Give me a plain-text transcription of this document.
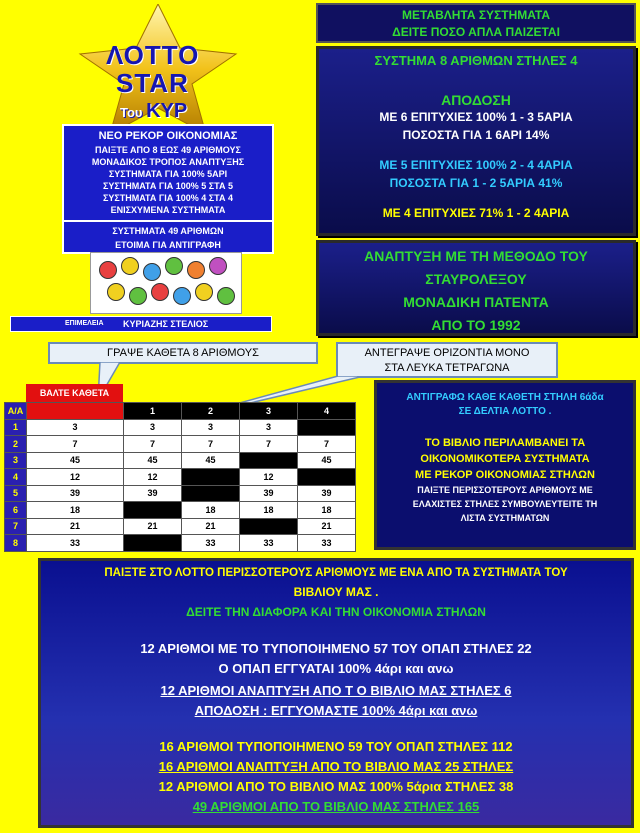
ΜΕΤΑΒΛΗΤΑ ΣΥΣΤΗΜΑΤΑ
ΔΕΙΤΕ ΠΟΣΟ ΑΠΛΑ ΠΑΙΖΕΤΑΙ
ΛΟΤΤΟ
STAR
Του ΚΥΡ
ΝΕΟ ΡΕΚΟΡ ΟΙΚΟΝΟΜΙΑΣ
ΠΑΙΞΤΕ ΑΠΟ 8 ΕΩΣ 49 ΑΡΙΘΜΟΥΣ
ΜΟΝΑΔΙΚΟΣ ΤΡΟΠΟΣ ΑΝΑΠΤΥΞΗΣ
ΣΥΣΤΗΜΑΤΑ ΓΙΑ 100% 5ΑΡΙ
ΣΥΣΤΗΜΑΤΑ ΓΙΑ 100% 5 ΣΤΑ 5
ΣΥΣΤΗΜΑΤΑ ΓΙΑ 100% 4 ΣΤΑ 4
ΕΝΙΣΧΥΜΕΝΑ ΣΥΣΤΗΜΑΤΑ
ΣΥΣΤΗΜΑΤΑ 49 ΑΡΙΘΜΩΝ
ΕΤΟΙΜΑ ΓΙΑ ΑΝΤΙΓΡΑΦΗ
ΕΠΙΜΕΛΕΙΑ ΚΥΡΙΑΖΗΣ ΣΤΕΛΙΟΣ
ΣΥΣΤΗΜΑ 8 ΑΡΙΘΜΩΝ ΣΤΗΛΕΣ 4
ΑΠΟΔΟΣΗ
ΜΕ 6 ΕΠΙΤΥΧΙΕΣ 100% 1 - 3 5ΑΡΙΑ
ΠΟΣΟΣΤΑ ΓΙΑ 1 6ΑΡΙ 14%
ΜΕ 5 ΕΠΙΤΥΧΙΕΣ 100% 2 - 4 4ΑΡΙΑ
ΠΟΣΟΣΤΑ ΓΙΑ 1 - 2 5ΑΡΙΑ 41%
ΜΕ 4 ΕΠΙΤΥΧΙΕΣ 71% 1 - 2 4ΑΡΙΑ
ΑΝΑΠΤΥΞΗ ΜΕ ΤΗ ΜΕΘΟΔΟ ΤΟΥ
ΣΤΑΥΡΟΛΕΞΟΥ
ΜΟΝΑΔΙΚΗ ΠΑΤΕΝΤΑ
ΑΠΟ ΤΟ 1992
ΓΡΑΨΕ ΚΑΘΕΤΑ 8 ΑΡΙΘΜΟΥΣ	ΑΝΤΕΓΡΑΨΕ ΟΡΙΖΟΝΤΙΑ ΜΟΝΟ
ΣΤΑ ΛΕΥΚΑ ΤΕΤΡΑΓΩΝΑ
ΒΑΛΤΕ ΚΑΘΕΤΑ
Α/Α		1	2	3	4
1	3	3	3	3	
2	7	7	7	7	7
3	45	45	45		45
4	12	12		12	
5	39	39		39	39
6	18		18	18	18
7	21	21	21		21
8	33		33	33	33
ΑΝΤΙΓΡΑΦΩ ΚΑΘΕ ΚΑΘΕΤΗ ΣΤΗΛΗ 6άδα
ΣΕ ΔΕΛΤΙΑ ΛΟΤΤΟ .
ΤΟ ΒΙΒΛΙΟ ΠΕΡΙΛΑΜΒΑΝΕΙ ΤΑ
ΟΙΚΟΝΟΜΙΚΟΤΕΡΑ ΣΥΣΤΗΜΑΤΑ
ΜΕ ΡΕΚΟΡ ΟΙΚΟΝΟΜΙΑΣ ΣΤΗΛΩΝ
ΠΑΙΞΤΕ ΠΕΡΙΣΣΟΤΕΡΟΥΣ ΑΡΙΘΜΟΥΣ ΜΕ
ΕΛΑΧΙΣΤΕΣ ΣΤΗΛΕΣ ΣΥΜΒΟΥΛΕΥΤΕΙΤΕ ΤΗ
ΛΙΣΤΑ ΣΥΣΤΗΜΑΤΩΝ
ΠΑΙΞΤΕ ΣΤΟ ΛΟΤΤΟ ΠΕΡΙΣΣΟΤΕΡΟΥΣ ΑΡΙΘΜΟΥΣ ΜΕ ΕΝΑ ΑΠΟ ΤΑ ΣΥΣΤΗΜΑΤΑ ΤΟΥ
ΒΙΒΛΙΟΥ ΜΑΣ .
ΔΕΙΤΕ ΤΗΝ ΔΙΑΦΟΡΑ ΚΑΙ ΤΗΝ ΟΙΚΟΝΟΜΙΑ ΣΤΗΛΩΝ
12 ΑΡΙΘΜΟΙ ΜΕ ΤΟ ΤΥΠΟΠΟΙΗΜΕΝΟ 57 ΤΟΥ ΟΠΑΠ ΣΤΗΛΕΣ 22
Ο ΟΠΑΠ ΕΓΓΥΑΤΑΙ 100% 4άρι και ανω
12 ΑΡΙΘΜΟΙ ΑΝΑΠΤΥΞΗ ΑΠΟ Τ Ο ΒΙΒΛΙΟ ΜΑΣ ΣΤΗΛΕΣ 6
ΑΠΟΔΟΣΗ : ΕΓΓΥΟΜΑΣΤΕ 100% 4άρι και ανω
16 ΑΡΙΘΜΟΙ ΤΥΠΟΠΟΙΗΜΕΝΟ 59 ΤΟΥ ΟΠΑΠ ΣΤΗΛΕΣ 112
16 ΑΡΙΘΜΟΙ ΑΝΑΠΤΥΞΗ ΑΠΟ ΤΟ ΒΙΒΛΙΟ ΜΑΣ 25 ΣΤΗΛΕΣ
12 ΑΡΙΘΜΟΙ ΑΠΟ ΤΟ ΒΙΒΛΙΟ ΜΑΣ 100% 5άρια ΣΤΗΛΕΣ 38
49 ΑΡΙΘΜΟΙ ΑΠΟ ΤΟ ΒΙΒΛΙΟ ΜΑΣ ΣΤΗΛΕΣ 165
